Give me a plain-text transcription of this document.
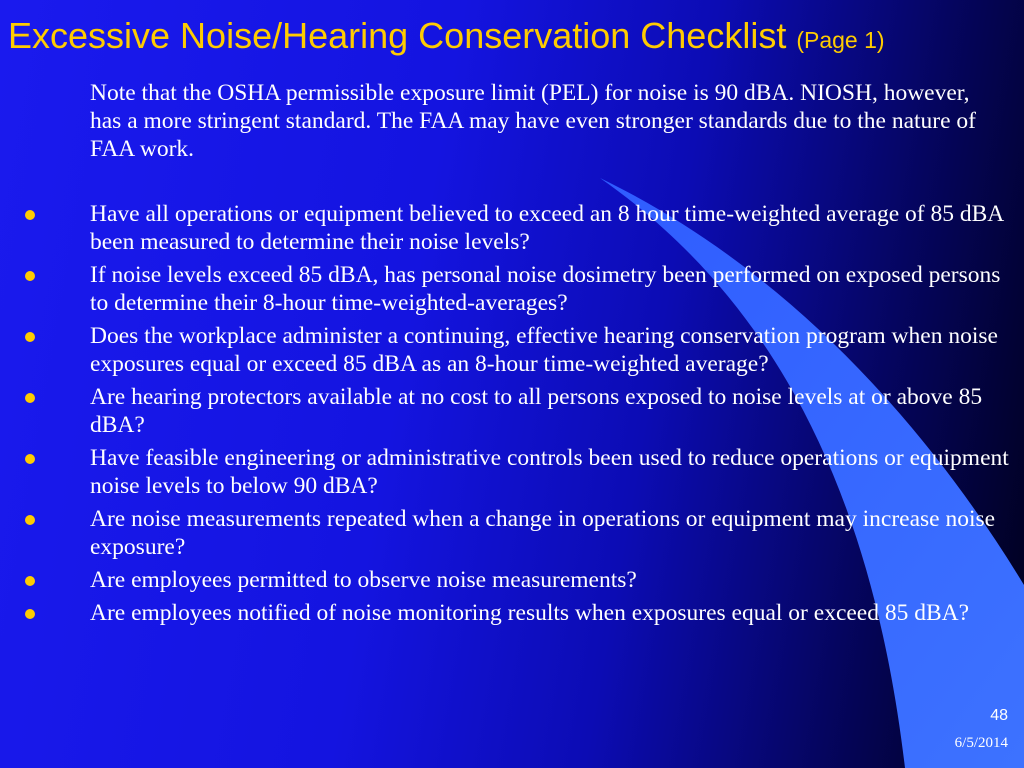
Excessive Noise/Hearing Conservation Checklist (Page 1)
Note that the OSHA permissible exposure limit (PEL) for noise is 90 dBA. NIOSH, however, has a more stringent standard. The FAA may have even stronger standards due to the nature of FAA work.
Have all operations or equipment believed to exceed an 8 hour time-weighted average of 85 dBA been measured to determine their noise levels?
If noise levels exceed 85 dBA, has personal noise dosimetry been performed on exposed persons to determine their 8-hour time-weighted-averages?
Does the workplace administer a continuing, effective hearing conservation program when noise exposures equal or exceed 85 dBA as an 8-hour time-weighted average?
Are hearing protectors available at no cost to all persons exposed to noise levels at or above 85 dBA?
Have feasible engineering or administrative controls been used to reduce operations or equipment noise levels to below 90 dBA?
Are noise measurements repeated when a change in operations or equipment may increase noise exposure?
Are employees permitted to observe noise measurements?
Are employees notified of noise monitoring results when exposures equal or exceed 85 dBA?
48
6/5/2014
